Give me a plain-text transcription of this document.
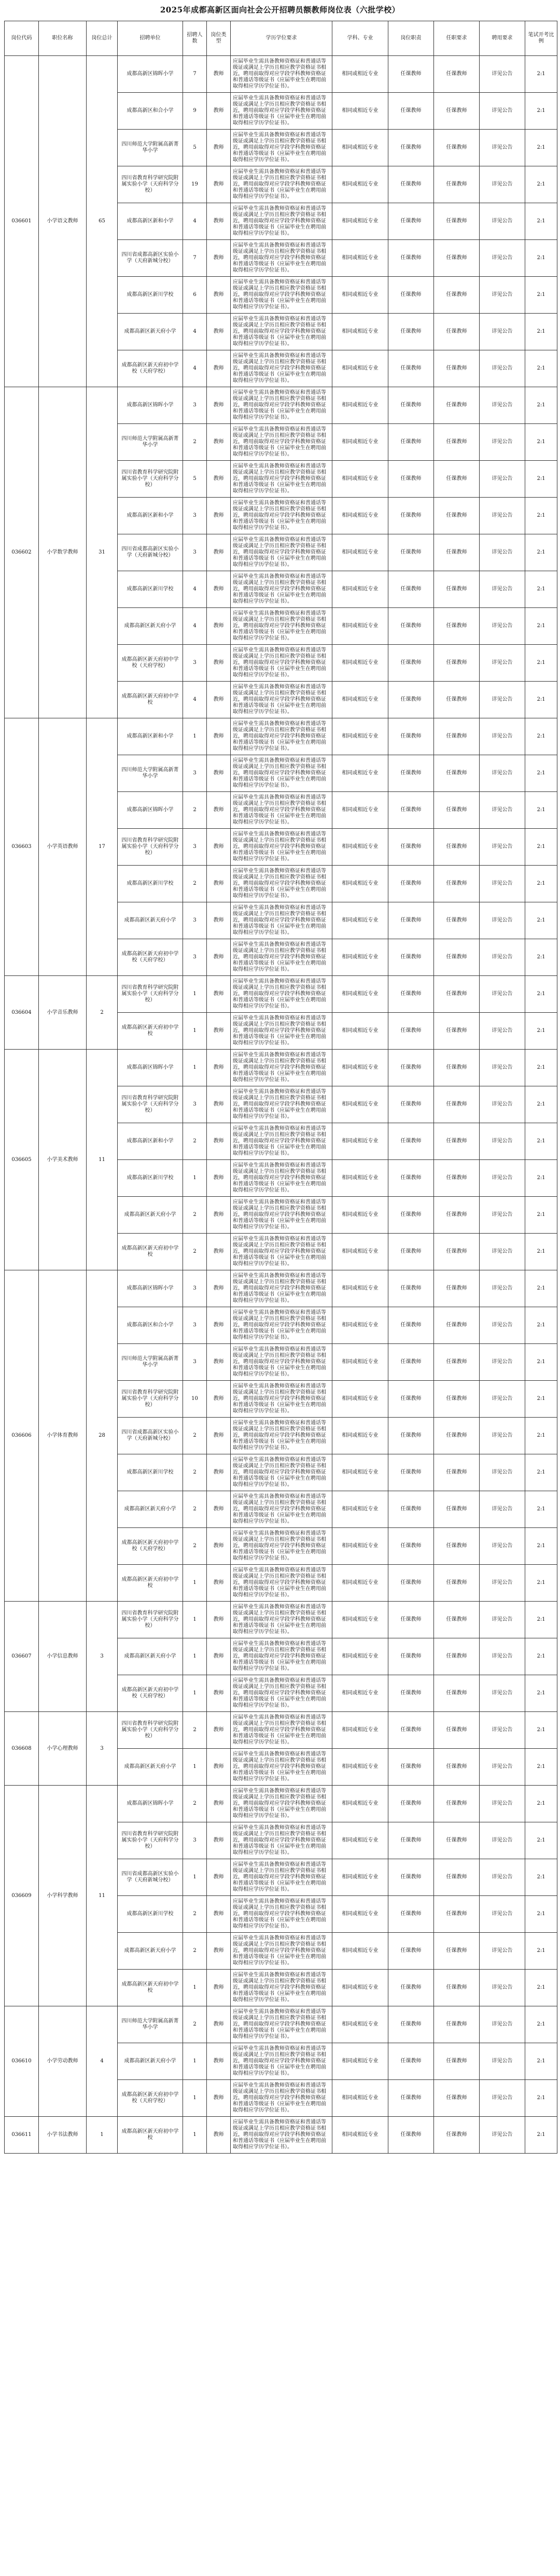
2025年成都高新区面向社会公开招聘员额教师岗位表（六批学校）
岗位代码	职位名称	岗位总计	招聘单位	招聘人数	岗位类型	学历学位要求	学科、专业	岗位职责	任职要求	聘用要求	笔试开考比例
036601	小学语文教师	65	成都高新区锦晖小学	7	教师	应届毕业生需具备教师资格证和普通话等级证或满足上学历且相应教学资格证书相近，聘用前取得对应学段学科教师资格证和普通话等级证书（应届毕业生在聘用前取得相应学历学位证书）。	相同或相近专业	任课教师	任课教师	详见公告	2:1
			成都高新区和合小学	9	教师	应届毕业生需具备教师资格证和普通话等级证或满足上学历且相应教学资格证书相近，聘用前取得对应学段学科教师资格证和普通话等级证书（应届毕业生在聘用前取得相应学历学位证书）。	相同或相近专业	任课教师	任课教师	详见公告	2:1
			四川师范大学附属高新菁华小学	5	教师	应届毕业生需具备教师资格证和普通话等级证或满足上学历且相应教学资格证书相近，聘用前取得对应学段学科教师资格证和普通话等级证书（应届毕业生在聘用前取得相应学历学位证书）。	相同或相近专业	任课教师	任课教师	详见公告	2:1
			四川省教育科学研究院附属实验小学（天府科学分校）	19	教师	应届毕业生需具备教师资格证和普通话等级证或满足上学历且相应教学资格证书相近，聘用前取得对应学段学科教师资格证和普通话等级证书（应届毕业生在聘用前取得相应学历学位证书）。	相同或相近专业	任课教师	任课教师	详见公告	2:1
			成都高新区新和小学	4	教师	应届毕业生需具备教师资格证和普通话等级证或满足上学历且相应教学资格证书相近，聘用前取得对应学段学科教师资格证和普通话等级证书（应届毕业生在聘用前取得相应学历学位证书）。	相同或相近专业	任课教师	任课教师	详见公告	2:1
			四川省成都高新区实验小学（天府新城分校）	7	教师	应届毕业生需具备教师资格证和普通话等级证或满足上学历且相应教学资格证书相近，聘用前取得对应学段学科教师资格证和普通话等级证书（应届毕业生在聘用前取得相应学历学位证书）。	相同或相近专业	任课教师	任课教师	详见公告	2:1
			成都高新区新川学校	6	教师	应届毕业生需具备教师资格证和普通话等级证或满足上学历且相应教学资格证书相近，聘用前取得对应学段学科教师资格证和普通话等级证书（应届毕业生在聘用前取得相应学历学位证书）。	相同或相近专业	任课教师	任课教师	详见公告	2:1
			成都高新区新天府小学	4	教师	应届毕业生需具备教师资格证和普通话等级证或满足上学历且相应教学资格证书相近，聘用前取得对应学段学科教师资格证和普通话等级证书（应届毕业生在聘用前取得相应学历学位证书）。	相同或相近专业	任课教师	任课教师	详见公告	2:1
			成都高新区新天府初中学校（天府学校）	4	教师	应届毕业生需具备教师资格证和普通话等级证或满足上学历且相应教学资格证书相近，聘用前取得对应学段学科教师资格证和普通话等级证书（应届毕业生在聘用前取得相应学历学位证书）。	相同或相近专业	任课教师	任课教师	详见公告	2:1
036602	小学数学教师	31	成都高新区锦晖小学	3	教师	应届毕业生需具备教师资格证和普通话等级证或满足上学历且相应教学资格证书相近，聘用前取得对应学段学科教师资格证和普通话等级证书（应届毕业生在聘用前取得相应学历学位证书）。	相同或相近专业	任课教师	任课教师	详见公告	2:1
			四川师范大学附属高新菁华小学	2	教师	应届毕业生需具备教师资格证和普通话等级证或满足上学历且相应教学资格证书相近，聘用前取得对应学段学科教师资格证和普通话等级证书（应届毕业生在聘用前取得相应学历学位证书）。	相同或相近专业	任课教师	任课教师	详见公告	2:1
			四川省教育科学研究院附属实验小学（天府科学分校）	5	教师	应届毕业生需具备教师资格证和普通话等级证或满足上学历且相应教学资格证书相近，聘用前取得对应学段学科教师资格证和普通话等级证书（应届毕业生在聘用前取得相应学历学位证书）。	相同或相近专业	任课教师	任课教师	详见公告	2:1
			成都高新区新和小学	3	教师	应届毕业生需具备教师资格证和普通话等级证或满足上学历且相应教学资格证书相近，聘用前取得对应学段学科教师资格证和普通话等级证书（应届毕业生在聘用前取得相应学历学位证书）。	相同或相近专业	任课教师	任课教师	详见公告	2:1
			四川省成都高新区实验小学（天府新城分校）	3	教师	应届毕业生需具备教师资格证和普通话等级证或满足上学历且相应教学资格证书相近，聘用前取得对应学段学科教师资格证和普通话等级证书（应届毕业生在聘用前取得相应学历学位证书）。	相同或相近专业	任课教师	任课教师	详见公告	2:1
			成都高新区新川学校	4	教师	应届毕业生需具备教师资格证和普通话等级证或满足上学历且相应教学资格证书相近，聘用前取得对应学段学科教师资格证和普通话等级证书（应届毕业生在聘用前取得相应学历学位证书）。	相同或相近专业	任课教师	任课教师	详见公告	2:1
			成都高新区新天府小学	4	教师	应届毕业生需具备教师资格证和普通话等级证或满足上学历且相应教学资格证书相近，聘用前取得对应学段学科教师资格证和普通话等级证书（应届毕业生在聘用前取得相应学历学位证书）。	相同或相近专业	任课教师	任课教师	详见公告	2:1
			成都高新区新天府初中学校（天府学校）	3	教师	应届毕业生需具备教师资格证和普通话等级证或满足上学历且相应教学资格证书相近，聘用前取得对应学段学科教师资格证和普通话等级证书（应届毕业生在聘用前取得相应学历学位证书）。	相同或相近专业	任课教师	任课教师	详见公告	2:1
			成都高新区新天府初中学校	4	教师	应届毕业生需具备教师资格证和普通话等级证或满足上学历且相应教学资格证书相近，聘用前取得对应学段学科教师资格证和普通话等级证书（应届毕业生在聘用前取得相应学历学位证书）。	相同或相近专业	任课教师	任课教师	详见公告	2:1
036603	小学英语教师	17	成都高新区新和小学	1	教师	应届毕业生需具备教师资格证和普通话等级证或满足上学历且相应教学资格证书相近，聘用前取得对应学段学科教师资格证和普通话等级证书（应届毕业生在聘用前取得相应学历学位证书）。	相同或相近专业	任课教师	任课教师	详见公告	2:1
			四川师范大学附属高新菁华小学	3	教师	应届毕业生需具备教师资格证和普通话等级证或满足上学历且相应教学资格证书相近，聘用前取得对应学段学科教师资格证和普通话等级证书（应届毕业生在聘用前取得相应学历学位证书）。	相同或相近专业	任课教师	任课教师	详见公告	2:1
			成都高新区锦晖小学	2	教师	应届毕业生需具备教师资格证和普通话等级证或满足上学历且相应教学资格证书相近，聘用前取得对应学段学科教师资格证和普通话等级证书（应届毕业生在聘用前取得相应学历学位证书）。	相同或相近专业	任课教师	任课教师	详见公告	2:1
			四川省教育科学研究院附属实验小学（天府科学分校）	3	教师	应届毕业生需具备教师资格证和普通话等级证或满足上学历且相应教学资格证书相近，聘用前取得对应学段学科教师资格证和普通话等级证书（应届毕业生在聘用前取得相应学历学位证书）。	相同或相近专业	任课教师	任课教师	详见公告	2:1
			成都高新区新川学校	2	教师	应届毕业生需具备教师资格证和普通话等级证或满足上学历且相应教学资格证书相近，聘用前取得对应学段学科教师资格证和普通话等级证书（应届毕业生在聘用前取得相应学历学位证书）。	相同或相近专业	任课教师	任课教师	详见公告	2:1
			成都高新区新天府小学	3	教师	应届毕业生需具备教师资格证和普通话等级证或满足上学历且相应教学资格证书相近，聘用前取得对应学段学科教师资格证和普通话等级证书（应届毕业生在聘用前取得相应学历学位证书）。	相同或相近专业	任课教师	任课教师	详见公告	2:1
			成都高新区新天府初中学校（天府学校）	3	教师	应届毕业生需具备教师资格证和普通话等级证或满足上学历且相应教学资格证书相近，聘用前取得对应学段学科教师资格证和普通话等级证书（应届毕业生在聘用前取得相应学历学位证书）。	相同或相近专业	任课教师	任课教师	详见公告	2:1
036604	小学音乐教师	2	四川省教育科学研究院附属实验小学（天府科学分校）	1	教师	应届毕业生需具备教师资格证和普通话等级证或满足上学历且相应教学资格证书相近，聘用前取得对应学段学科教师资格证和普通话等级证书（应届毕业生在聘用前取得相应学历学位证书）。	相同或相近专业	任课教师	任课教师	详见公告	2:1
			成都高新区新天府初中学校	1	教师	应届毕业生需具备教师资格证和普通话等级证或满足上学历且相应教学资格证书相近，聘用前取得对应学段学科教师资格证和普通话等级证书（应届毕业生在聘用前取得相应学历学位证书）。	相同或相近专业	任课教师	任课教师	详见公告	2:1
036605	小学美术教师	11	成都高新区锦晖小学	1	教师	应届毕业生需具备教师资格证和普通话等级证或满足上学历且相应教学资格证书相近，聘用前取得对应学段学科教师资格证和普通话等级证书（应届毕业生在聘用前取得相应学历学位证书）。	相同或相近专业	任课教师	任课教师	详见公告	2:1
			四川省教育科学研究院附属实验小学（天府科学分校）	3	教师	应届毕业生需具备教师资格证和普通话等级证或满足上学历且相应教学资格证书相近，聘用前取得对应学段学科教师资格证和普通话等级证书（应届毕业生在聘用前取得相应学历学位证书）。	相同或相近专业	任课教师	任课教师	详见公告	2:1
			成都高新区新和小学	2	教师	应届毕业生需具备教师资格证和普通话等级证或满足上学历且相应教学资格证书相近，聘用前取得对应学段学科教师资格证和普通话等级证书（应届毕业生在聘用前取得相应学历学位证书）。	相同或相近专业	任课教师	任课教师	详见公告	2:1
			成都高新区新川学校	1	教师	应届毕业生需具备教师资格证和普通话等级证或满足上学历且相应教学资格证书相近，聘用前取得对应学段学科教师资格证和普通话等级证书（应届毕业生在聘用前取得相应学历学位证书）。	相同或相近专业	任课教师	任课教师	详见公告	2:1
			成都高新区新天府小学	2	教师	应届毕业生需具备教师资格证和普通话等级证或满足上学历且相应教学资格证书相近，聘用前取得对应学段学科教师资格证和普通话等级证书（应届毕业生在聘用前取得相应学历学位证书）。	相同或相近专业	任课教师	任课教师	详见公告	2:1
			成都高新区新天府初中学校	2	教师	应届毕业生需具备教师资格证和普通话等级证或满足上学历且相应教学资格证书相近，聘用前取得对应学段学科教师资格证和普通话等级证书（应届毕业生在聘用前取得相应学历学位证书）。	相同或相近专业	任课教师	任课教师	详见公告	2:1
036606	小学体育教师	28	成都高新区锦晖小学	3	教师	应届毕业生需具备教师资格证和普通话等级证或满足上学历且相应教学资格证书相近，聘用前取得对应学段学科教师资格证和普通话等级证书（应届毕业生在聘用前取得相应学历学位证书）。	相同或相近专业	任课教师	任课教师	详见公告	2:1
			成都高新区和合小学	3	教师	应届毕业生需具备教师资格证和普通话等级证或满足上学历且相应教学资格证书相近，聘用前取得对应学段学科教师资格证和普通话等级证书（应届毕业生在聘用前取得相应学历学位证书）。	相同或相近专业	任课教师	任课教师	详见公告	2:1
			四川师范大学附属高新菁华小学	3	教师	应届毕业生需具备教师资格证和普通话等级证或满足上学历且相应教学资格证书相近，聘用前取得对应学段学科教师资格证和普通话等级证书（应届毕业生在聘用前取得相应学历学位证书）。	相同或相近专业	任课教师	任课教师	详见公告	2:1
			四川省教育科学研究院附属实验小学（天府科学分校）	10	教师	应届毕业生需具备教师资格证和普通话等级证或满足上学历且相应教学资格证书相近，聘用前取得对应学段学科教师资格证和普通话等级证书（应届毕业生在聘用前取得相应学历学位证书）。	相同或相近专业	任课教师	任课教师	详见公告	2:1
			四川省成都高新区实验小学（天府新城分校）	2	教师	应届毕业生需具备教师资格证和普通话等级证或满足上学历且相应教学资格证书相近，聘用前取得对应学段学科教师资格证和普通话等级证书（应届毕业生在聘用前取得相应学历学位证书）。	相同或相近专业	任课教师	任课教师	详见公告	2:1
			成都高新区新川学校	2	教师	应届毕业生需具备教师资格证和普通话等级证或满足上学历且相应教学资格证书相近，聘用前取得对应学段学科教师资格证和普通话等级证书（应届毕业生在聘用前取得相应学历学位证书）。	相同或相近专业	任课教师	任课教师	详见公告	2:1
			成都高新区新天府小学	2	教师	应届毕业生需具备教师资格证和普通话等级证或满足上学历且相应教学资格证书相近，聘用前取得对应学段学科教师资格证和普通话等级证书（应届毕业生在聘用前取得相应学历学位证书）。	相同或相近专业	任课教师	任课教师	详见公告	2:1
			成都高新区新天府初中学校（天府学校）	2	教师	应届毕业生需具备教师资格证和普通话等级证或满足上学历且相应教学资格证书相近，聘用前取得对应学段学科教师资格证和普通话等级证书（应届毕业生在聘用前取得相应学历学位证书）。	相同或相近专业	任课教师	任课教师	详见公告	2:1
			成都高新区新天府初中学校	1	教师	应届毕业生需具备教师资格证和普通话等级证或满足上学历且相应教学资格证书相近，聘用前取得对应学段学科教师资格证和普通话等级证书（应届毕业生在聘用前取得相应学历学位证书）。	相同或相近专业	任课教师	任课教师	详见公告	2:1
036607	小学信息教师	3	四川省教育科学研究院附属实验小学（天府科学分校）	1	教师	应届毕业生需具备教师资格证和普通话等级证或满足上学历且相应教学资格证书相近，聘用前取得对应学段学科教师资格证和普通话等级证书（应届毕业生在聘用前取得相应学历学位证书）。	相同或相近专业	任课教师	任课教师	详见公告	2:1
			成都高新区新天府小学	1	教师	应届毕业生需具备教师资格证和普通话等级证或满足上学历且相应教学资格证书相近，聘用前取得对应学段学科教师资格证和普通话等级证书（应届毕业生在聘用前取得相应学历学位证书）。	相同或相近专业	任课教师	任课教师	详见公告	2:1
			成都高新区新天府初中学校（天府学校）	1	教师	应届毕业生需具备教师资格证和普通话等级证或满足上学历且相应教学资格证书相近，聘用前取得对应学段学科教师资格证和普通话等级证书（应届毕业生在聘用前取得相应学历学位证书）。	相同或相近专业	任课教师	任课教师	详见公告	2:1
036608	小学心理教师	3	四川省教育科学研究院附属实验小学（天府科学分校）	2	教师	应届毕业生需具备教师资格证和普通话等级证或满足上学历且相应教学资格证书相近，聘用前取得对应学段学科教师资格证和普通话等级证书（应届毕业生在聘用前取得相应学历学位证书）。	相同或相近专业	任课教师	任课教师	详见公告	2:1
			成都高新区新天府小学	1	教师	应届毕业生需具备教师资格证和普通话等级证或满足上学历且相应教学资格证书相近，聘用前取得对应学段学科教师资格证和普通话等级证书（应届毕业生在聘用前取得相应学历学位证书）。	相同或相近专业	任课教师	任课教师	详见公告	2:1
036609	小学科学教师	11	成都高新区锦晖小学	2	教师	应届毕业生需具备教师资格证和普通话等级证或满足上学历且相应教学资格证书相近，聘用前取得对应学段学科教师资格证和普通话等级证书（应届毕业生在聘用前取得相应学历学位证书）。	相同或相近专业	任课教师	任课教师	详见公告	2:1
			四川省教育科学研究院附属实验小学（天府科学分校）	3	教师	应届毕业生需具备教师资格证和普通话等级证或满足上学历且相应教学资格证书相近，聘用前取得对应学段学科教师资格证和普通话等级证书（应届毕业生在聘用前取得相应学历学位证书）。	相同或相近专业	任课教师	任课教师	详见公告	2:1
			四川省成都高新区实验小学（天府新城分校）	1	教师	应届毕业生需具备教师资格证和普通话等级证或满足上学历且相应教学资格证书相近，聘用前取得对应学段学科教师资格证和普通话等级证书（应届毕业生在聘用前取得相应学历学位证书）。	相同或相近专业	任课教师	任课教师	详见公告	2:1
			成都高新区新川学校	2	教师	应届毕业生需具备教师资格证和普通话等级证或满足上学历且相应教学资格证书相近，聘用前取得对应学段学科教师资格证和普通话等级证书（应届毕业生在聘用前取得相应学历学位证书）。	相同或相近专业	任课教师	任课教师	详见公告	2:1
			成都高新区新天府小学	2	教师	应届毕业生需具备教师资格证和普通话等级证或满足上学历且相应教学资格证书相近，聘用前取得对应学段学科教师资格证和普通话等级证书（应届毕业生在聘用前取得相应学历学位证书）。	相同或相近专业	任课教师	任课教师	详见公告	2:1
			成都高新区新天府初中学校	1	教师	应届毕业生需具备教师资格证和普通话等级证或满足上学历且相应教学资格证书相近，聘用前取得对应学段学科教师资格证和普通话等级证书（应届毕业生在聘用前取得相应学历学位证书）。	相同或相近专业	任课教师	任课教师	详见公告	2:1
036610	小学劳动教师	4	四川师范大学附属高新菁华小学	2	教师	应届毕业生需具备教师资格证和普通话等级证或满足上学历且相应教学资格证书相近，聘用前取得对应学段学科教师资格证和普通话等级证书（应届毕业生在聘用前取得相应学历学位证书）。	相同或相近专业	任课教师	任课教师	详见公告	2:1
			成都高新区新天府小学	1	教师	应届毕业生需具备教师资格证和普通话等级证或满足上学历且相应教学资格证书相近，聘用前取得对应学段学科教师资格证和普通话等级证书（应届毕业生在聘用前取得相应学历学位证书）。	相同或相近专业	任课教师	任课教师	详见公告	2:1
			成都高新区新天府初中学校（天府学校）	1	教师	应届毕业生需具备教师资格证和普通话等级证或满足上学历且相应教学资格证书相近，聘用前取得对应学段学科教师资格证和普通话等级证书（应届毕业生在聘用前取得相应学历学位证书）。	相同或相近专业	任课教师	任课教师	详见公告	2:1
036611	小学书法教师	1	成都高新区新天府初中学校	1	教师	应届毕业生需具备教师资格证和普通话等级证或满足上学历且相应教学资格证书相近，聘用前取得对应学段学科教师资格证和普通话等级证书（应届毕业生在聘用前取得相应学历学位证书）。	相同或相近专业	任课教师	任课教师	详见公告	2:1
